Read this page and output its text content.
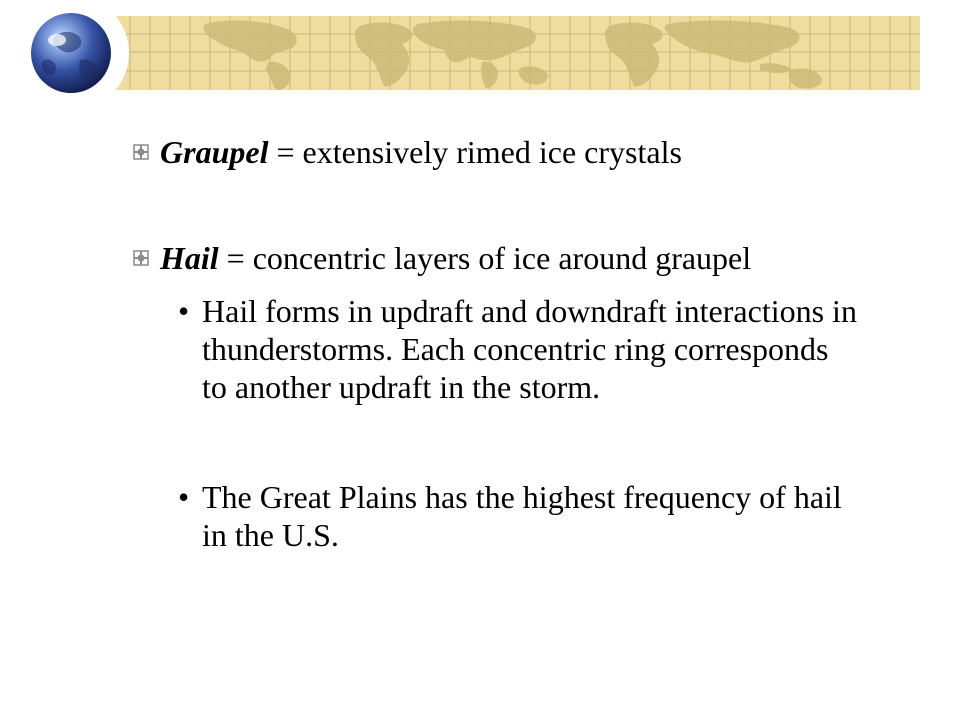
Graupel = extensively rimed ice crystals
Hail = concentric layers of ice around graupel
• Hail forms in updraft and downdraft interactions in thunderstorms. Each concentric ring corresponds to another updraft in the storm.
• The Great Plains has the highest frequency of hail in the U.S.
